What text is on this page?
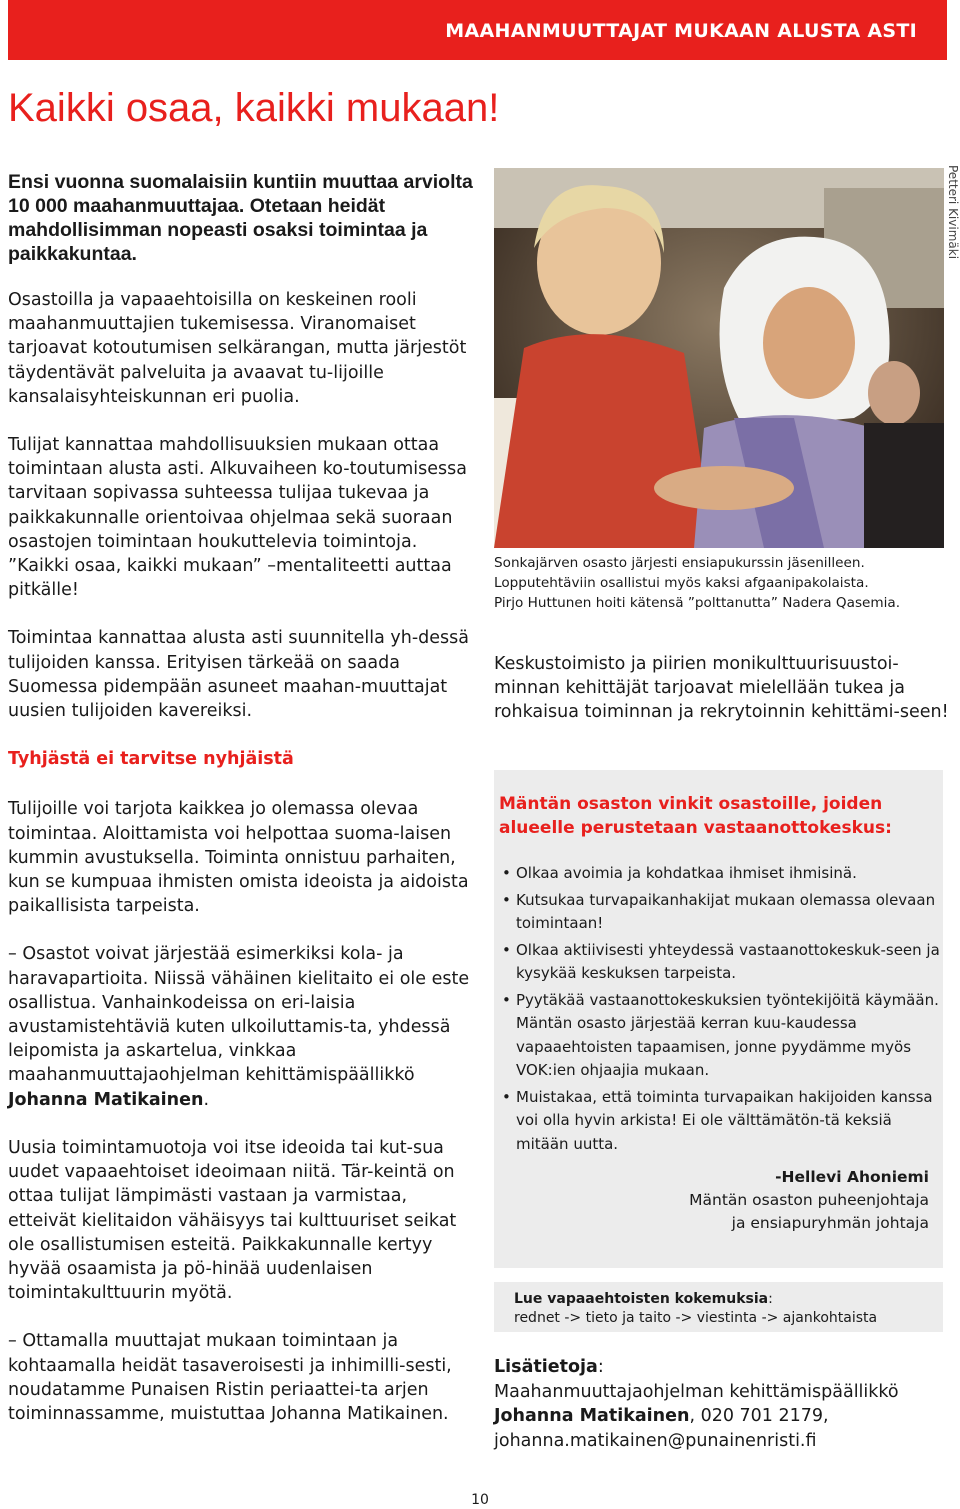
MAAHANMUUTTAJAT MUKAAN ALUSTA ASTI
Kaikki osaa, kaikki mukaan!

Ensi vuonna suomalaisiin kuntiin muuttaa arviolta 10 000 maahanmuuttajaa. Otetaan heidät mahdollisimman nopeasti osaksi toimintaa ja paikkakuntaa.

Osastoilla ja vapaaehtoisilla on keskeinen rooli maahanmuuttajien tukemisessa. Viranomaiset tarjoavat kotoutumisen selkärangan, mutta järjestöt täydentävät palveluita ja avaavat tu-lijoille kansalaisyhteiskunnan eri puolia.

Tulijat kannattaa mahdollisuuksien mukaan ottaa toimintaan alusta asti. Alkuvaiheen ko-toutumisessa tarvitaan sopivassa suhteessa tulijaa tukevaa ja paikkakunnalle orientoivaa ohjelmaa sekä suoraan osastojen toimintaan houkuttelevia toimintoja. ”Kaikki osaa, kaikki mukaan” –mentaliteetti auttaa pitkälle!

Toimintaa kannattaa alusta asti suunnitella yh-dessä tulijoiden kanssa. Erityisen tärkeää on saada Suomessa pidempään asuneet maahan-muuttajat uusien tulijoiden kavereiksi.

Tyhjästä ei tarvitse nyhjäistä

Tulijoille voi tarjota kaikkea jo olemassa olevaa toimintaa. Aloittamista voi helpottaa suoma-laisen kummin avustuksella. Toiminta onnistuu parhaiten, kun se kumpuaa ihmisten omista ideoista ja aidoista paikallisista tarpeista.

– Osastot voivat järjestää esimerkiksi kola- ja haravapartioita. Niissä vähäinen kielitaito ei ole este osallistua. Vanhainkodeissa on eri-laisia avustamistehtäviä kuten ulkoiluttamis-ta, yhdessä leipomista ja askartelua, vinkkaa maahanmuuttajaohjelman kehittämispäällikkö Johanna Matikainen.

Uusia toimintamuotoja voi itse ideoida tai kut-sua uudet vapaaehtoiset ideoimaan niitä. Tär-keintä on ottaa tulijat lämpimästi vastaan ja varmistaa, etteivät kielitaidon vähäisyys tai kulttuuriset seikat ole osallistumisen esteitä. Paikkakunnalle kertyy hyvää osaamista ja pö-hinää uudenlaisen toimintakulttuurin myötä.

– Ottamalla muuttajat mukaan toimintaan ja kohtaamalla heidät tasaveroisesti ja inhimilli-sesti, noudatamme Punaisen Ristin periaattei-ta arjen toiminnassamme, muistuttaa Johanna Matikainen.

Petteri Kivimäki
Sonkajärven osasto järjesti ensiapukurssin jäsenilleen.
Lopputehtäviin osallistui myös kaksi afgaanipakolaista.
Pirjo Huttunen hoiti kätensä ”polttanutta” Nadera Qasemia.

Keskustoimisto ja piirien monikulttuurisuustoi-minnan kehittäjät tarjoavat mielellään tukea ja rohkaisua toiminnan ja rekrytoinnin kehittämi-seen!

Mäntän osaston vinkit osastoille, joiden alueelle perustetaan vastaanottokeskus:
• Olkaa avoimia ja kohdatkaa ihmiset ihmisinä.
• Kutsukaa turvapaikanhakijat mukaan olemassa olevaan toimintaan!
• Olkaa aktiivisesti yhteydessä vastaanottokeskuk-seen ja kysykää keskuksen tarpeista.
• Pyytäkää vastaanottokeskuksien työntekijöitä käymään. Mäntän osasto järjestää kerran kuu-kaudessa vapaaehtoisten tapaamisen, jonne pyydämme myös VOK:ien ohjaajia mukaan.
• Muistakaa, että toiminta turvapaikan hakijoiden kanssa voi olla hyvin arkista! Ei ole välttämätön-tä keksiä mitään uutta.
-Hellevi Ahoniemi
Mäntän osaston puheenjohtaja
ja ensiapuryhmän johtaja
Lue vapaaehtoisten kokemuksia:
rednet -> tieto ja taito -> viestinta -> ajankohtaista
Lisätietoja:
Maahanmuuttajaohjelman kehittämispäällikkö
Johanna Matikainen, 020 701 2179,
johanna.matikainen@punainenristi.fi
10
